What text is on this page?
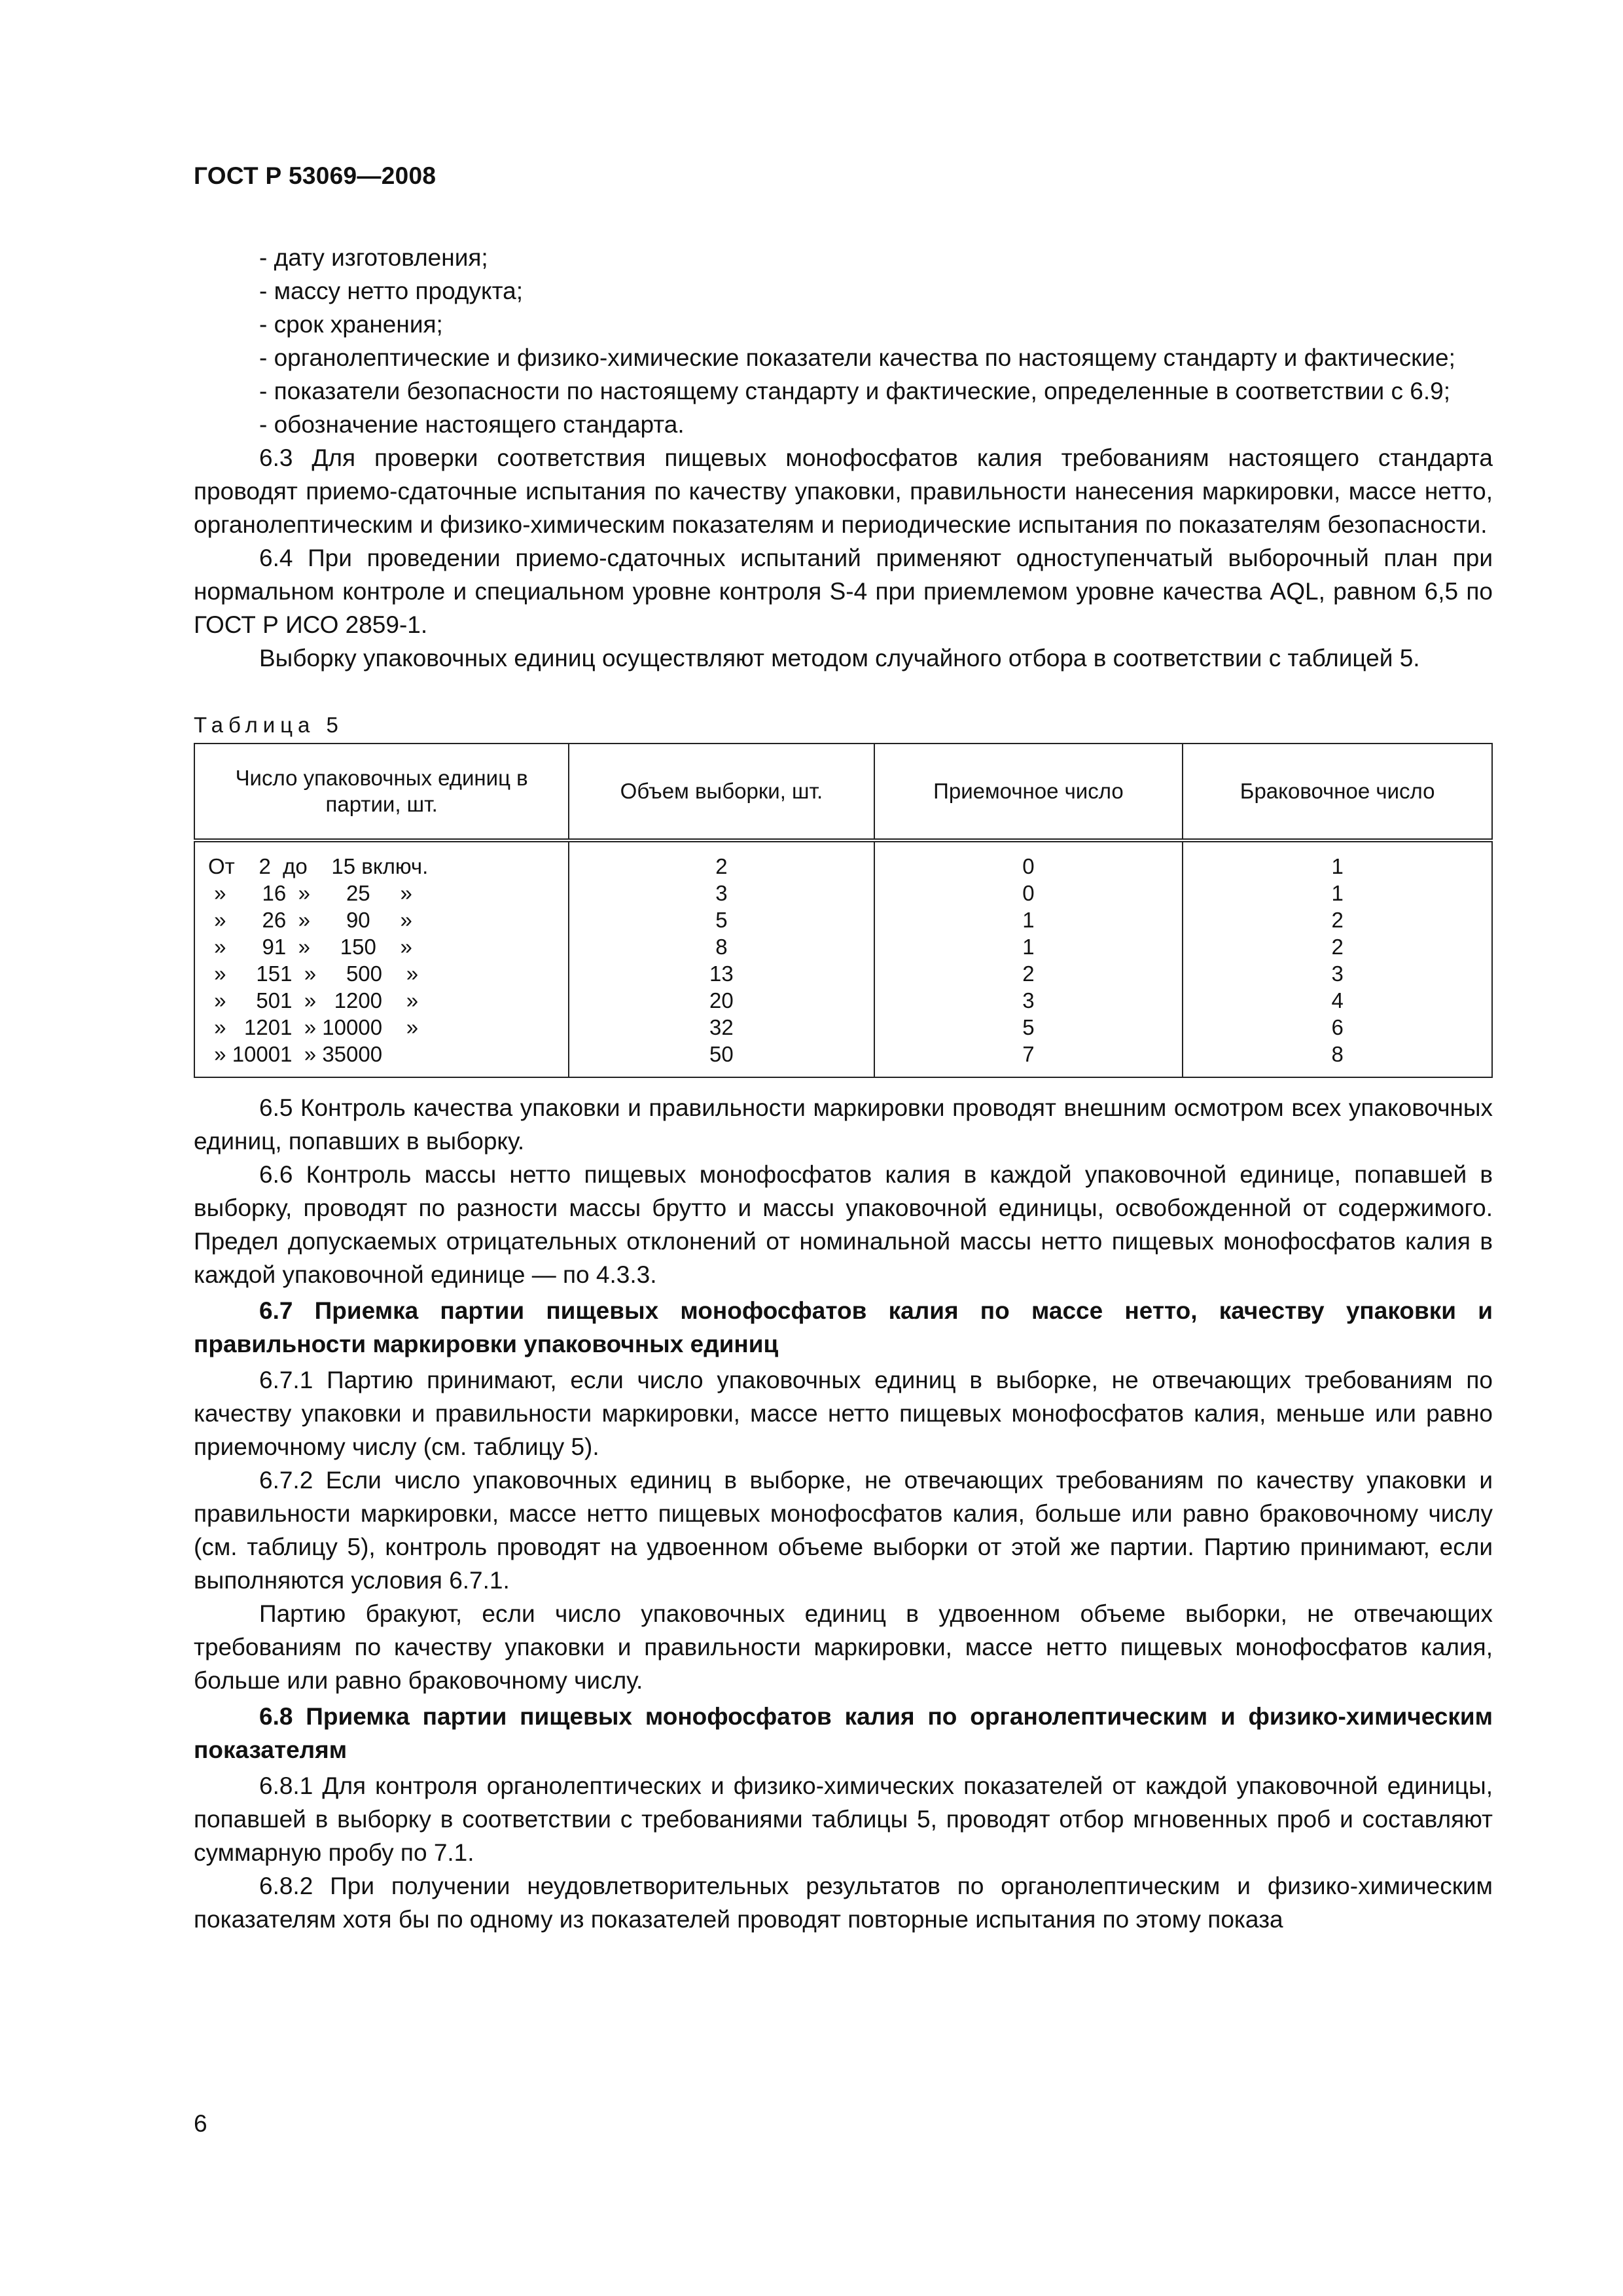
ГОСТ Р 53069—2008

- дату изготовления;

- массу нетто продукта;

- срок хранения;

- органолептические и физико-химические показатели качества по настоящему стандарту и фактические;

- показатели безопасности по настоящему стандарту и фактические, определенные в соответствии с 6.9;

- обозначение настоящего стандарта.

6.3 Для проверки соответствия пищевых монофосфатов калия требованиям настоящего стандарта проводят приемо-сдаточные испытания по качеству упаковки, правильности нанесения маркировки, массе нетто, органолептическим и физико-химическим показателям и периодические испытания по показателям безопасности.

6.4 При проведении приемо-сдаточных испытаний применяют одноступенчатый выборочный план при нормальном контроле и специальном уровне контроля S-4 при приемлемом уровне качества AQL, равном 6,5 по ГОСТ Р ИСО 2859-1.

Выборку упаковочных единиц осуществляют методом случайного отбора в соответствии с таблицей 5.

Таблица 5
Число упаковочных единиц в партии, шт.	Объем выборки, шт.	Приемочное число	Браковочное число
От    2  до    15 включ.	2	0	1
»      16  »      25     »	3	0	1
»      26  »      90     »	5	1	2
»      91  »     150    »	8	1	2
»     151  »     500    »	13	2	3
»     501  »   1200    »	20	3	4
»   1201  » 10000    »	32	5	6
» 10001  » 35000	50	7	8

6.5 Контроль качества упаковки и правильности маркировки проводят внешним осмотром всех упаковочных единиц, попавших в выборку.

6.6 Контроль массы нетто пищевых монофосфатов калия в каждой упаковочной единице, попавшей в выборку, проводят по разности массы брутто и массы упаковочной единицы, освобожденной от содержимого. Предел допускаемых отрицательных отклонений от номинальной массы нетто пищевых монофосфатов калия в каждой упаковочной единице — по 4.3.3.

6.7 Приемка партии пищевых монофосфатов калия по массе нетто, качеству упаковки и правильности маркировки упаковочных единиц

6.7.1 Партию принимают, если число упаковочных единиц в выборке, не отвечающих требованиям по качеству упаковки и правильности маркировки, массе нетто пищевых монофосфатов калия, меньше или равно приемочному числу (см. таблицу 5).

6.7.2 Если число упаковочных единиц в выборке, не отвечающих требованиям по качеству упаковки и правильности маркировки, массе нетто пищевых монофосфатов калия, больше или равно браковочному числу (см. таблицу 5), контроль проводят на удвоенном объеме выборки от этой же партии. Партию принимают, если выполняются условия 6.7.1.

Партию бракуют, если число упаковочных единиц в удвоенном объеме выборки, не отвечающих требованиям по качеству упаковки и правильности маркировки, массе нетто пищевых монофосфатов калия, больше или равно браковочному числу.

6.8 Приемка партии пищевых монофосфатов калия по органолептическим и физико-химическим показателям

6.8.1 Для контроля органолептических и физико-химических показателей от каждой упаковочной единицы, попавшей в выборку в соответствии с требованиями таблицы 5, проводят отбор мгновенных проб и составляют суммарную пробу по 7.1.

6.8.2 При получении неудовлетворительных результатов по органолептическим и физико-химическим показателям хотя бы по одному из показателей проводят повторные испытания по этому показа

6
